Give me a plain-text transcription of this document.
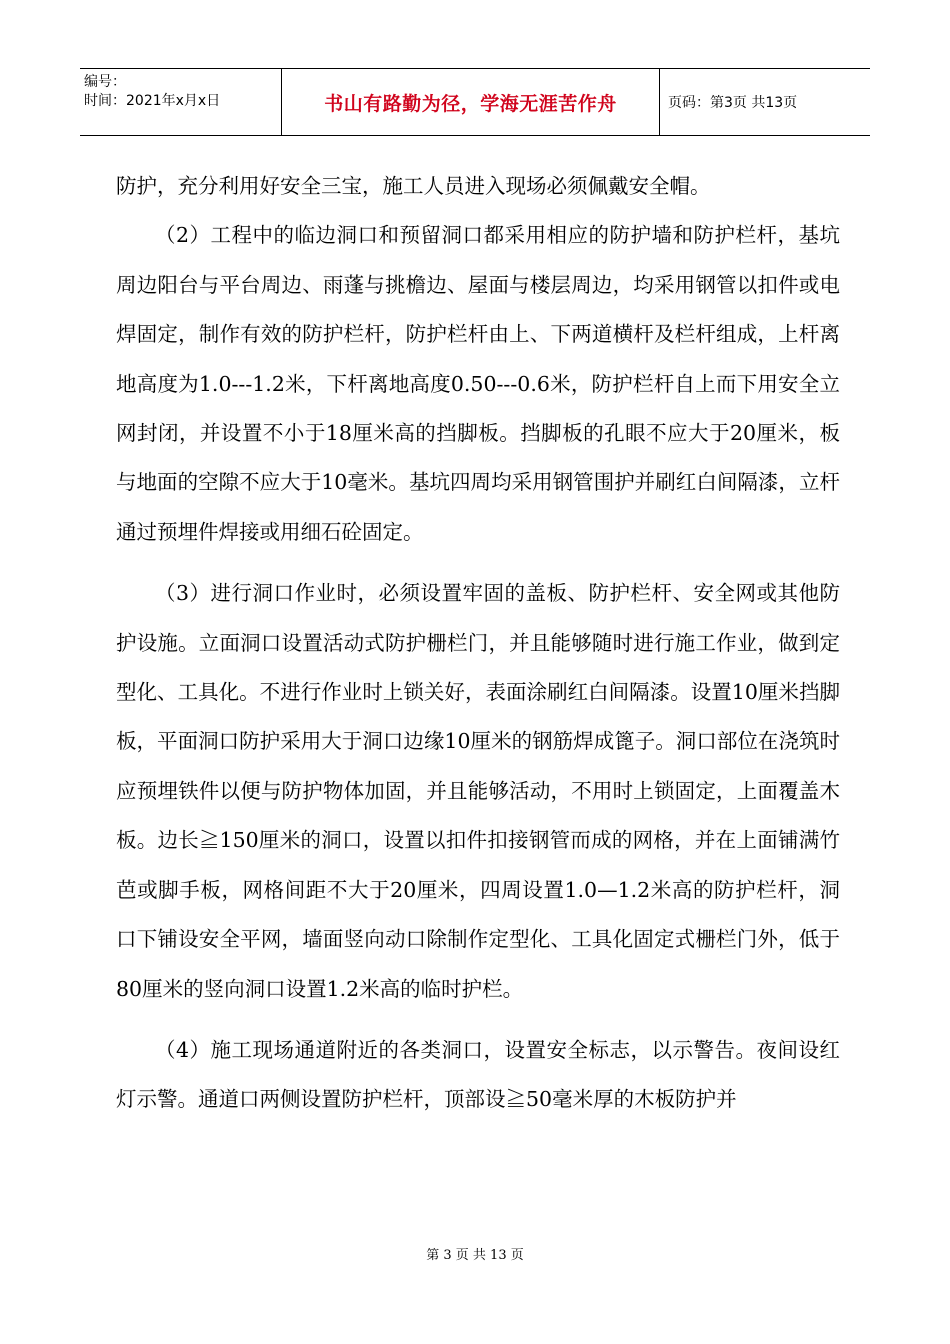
编号：
时间：2021年x月x日	书山有路勤为径，学海无涯苦作舟	页码：第3页 共13页

防护，充分利用好安全三宝，施工人员进入现场必须佩戴安全帽。

（2）工程中的临边洞口和预留洞口都采用相应的防护墙和防护栏杆，基坑周边阳台与平台周边、雨蓬与挑檐边、屋面与楼层周边，均采用钢管以扣件或电焊固定，制作有效的防护栏杆，防护栏杆由上、下两道横杆及栏杆组成，上杆离地高度为1.0---1.2米，下杆离地高度0.50---0.6米，防护栏杆自上而下用安全立网封闭，并设置不小于18厘米高的挡脚板。挡脚板的孔眼不应大于20厘米，板与地面的空隙不应大于10毫米。基坑四周均采用钢管围护并刷红白间隔漆，立杆通过预埋件焊接或用细石砼固定。

（3）进行洞口作业时，必须设置牢固的盖板、防护栏杆、安全网或其他防护设施。立面洞口设置活动式防护栅栏门，并且能够随时进行施工作业，做到定型化、工具化。不进行作业时上锁关好，表面涂刷红白间隔漆。设置10厘米挡脚板，平面洞口防护采用大于洞口边缘10厘米的钢筋焊成篦子。洞口部位在浇筑时应预埋铁件以便与防护物体加固，并且能够活动，不用时上锁固定，上面覆盖木板。边长≧150厘米的洞口，设置以扣件扣接钢管而成的网格，并在上面铺满竹芭或脚手板，网格间距不大于20厘米，四周设置1.0—1.2米高的防护栏杆，洞口下铺设安全平网，墙面竖向动口除制作定型化、工具化固定式栅栏门外，低于80厘米的竖向洞口设置1.2米高的临时护栏。

（4）施工现场通道附近的各类洞口，设置安全标志，以示警告。夜间设红灯示警。通道口两侧设置防护栏杆，顶部设≧50毫米厚的木板防护并

第 3 页 共 13 页
